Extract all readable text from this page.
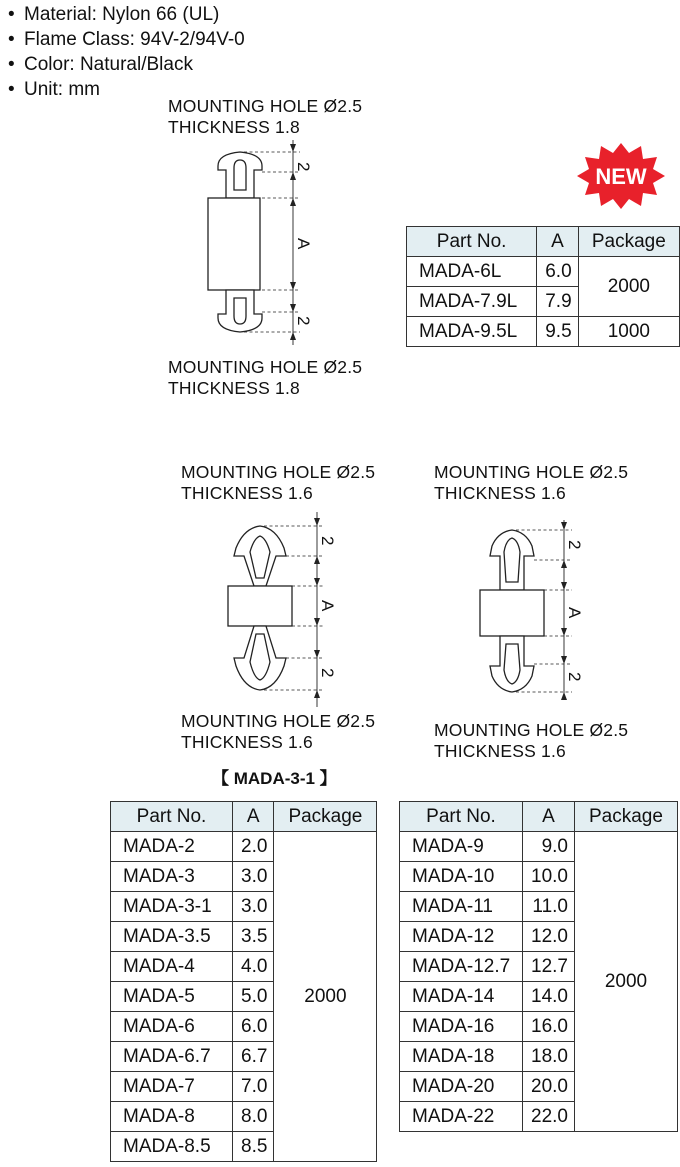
• Material: Nylon 66 (UL)
• Flame Class: 94V-2/94V-0
• Color: Natural/Black
• Unit: mm
MOUNTING HOLE Ø2.5
THICKNESS 1.8
2
A
2
MOUNTING HOLE Ø2.5
THICKNESS 1.8
NEW
Part No.	A	Package
MADA-6L	6.0	2000
MADA-7.9L	7.9	
MADA-9.5L	9.5	1000
MOUNTING HOLE Ø2.5
THICKNESS 1.6
2
A
2
MOUNTING HOLE Ø2.5
THICKNESS 1.6
【 MADA-3-1 】
MOUNTING HOLE Ø2.5
THICKNESS 1.6
2
A
2
MOUNTING HOLE Ø2.5
THICKNESS 1.6
Part No.	A	Package
MADA-2	2.0	2000
MADA-3	3.0	
MADA-3-1	3.0	
MADA-3.5	3.5	
MADA-4	4.0	
MADA-5	5.0	
MADA-6	6.0	
MADA-6.7	6.7	
MADA-7	7.0	
MADA-8	8.0	
MADA-8.5	8.5	
Part No.	A	Package
MADA-9	9.0	2000
MADA-10	10.0	
MADA-11	11.0	
MADA-12	12.0	
MADA-12.7	12.7	
MADA-14	14.0	
MADA-16	16.0	
MADA-18	18.0	
MADA-20	20.0	
MADA-22	22.0	
